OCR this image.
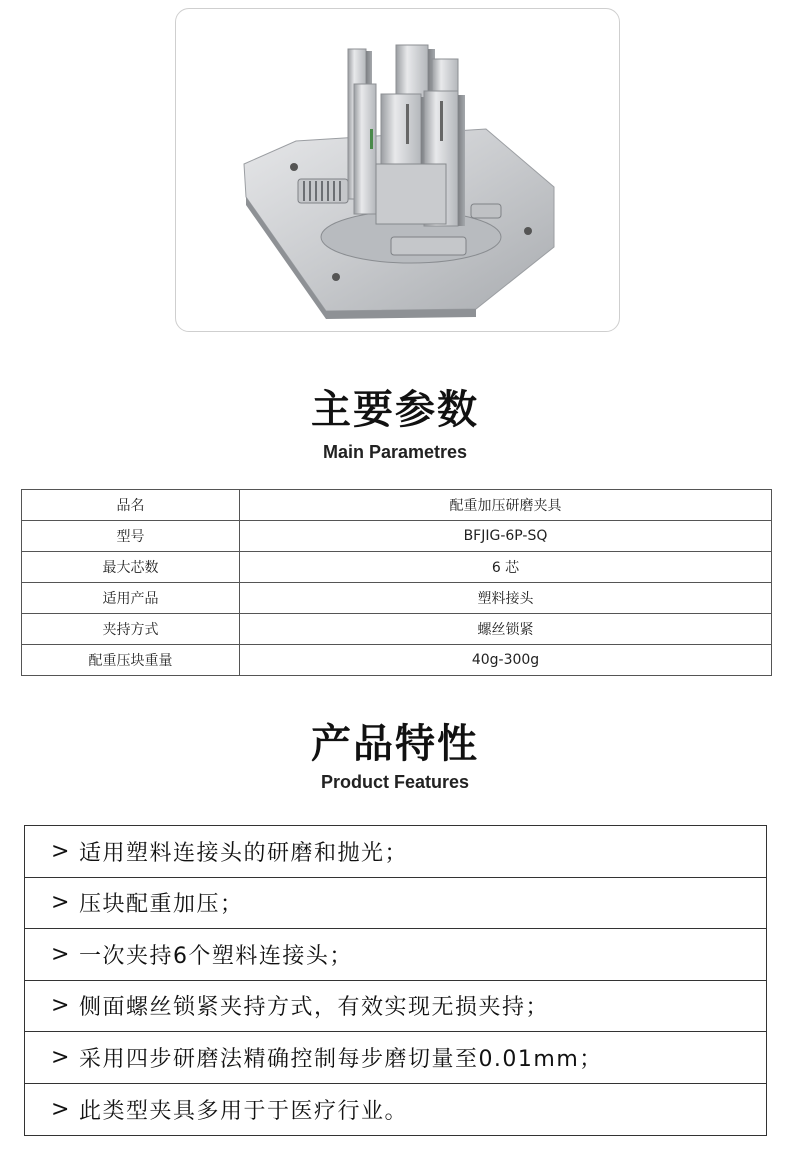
主要参数
Main Parametres
品名	配重加压研磨夹具
型号	BFJIG-6P-SQ
最大芯数	6 芯
适用产品	塑料接头
夹持方式	螺丝锁紧
配重压块重量	40g-300g
产品特性
Product Features
> 适用塑料连接头的研磨和抛光；
> 压块配重加压；
> 一次夹持6个塑料连接头；
> 侧面螺丝锁紧夹持方式，有效实现无损夹持；
> 采用四步研磨法精确控制每步磨切量至0.01mm；
> 此类型夹具多用于于医疗行业。
